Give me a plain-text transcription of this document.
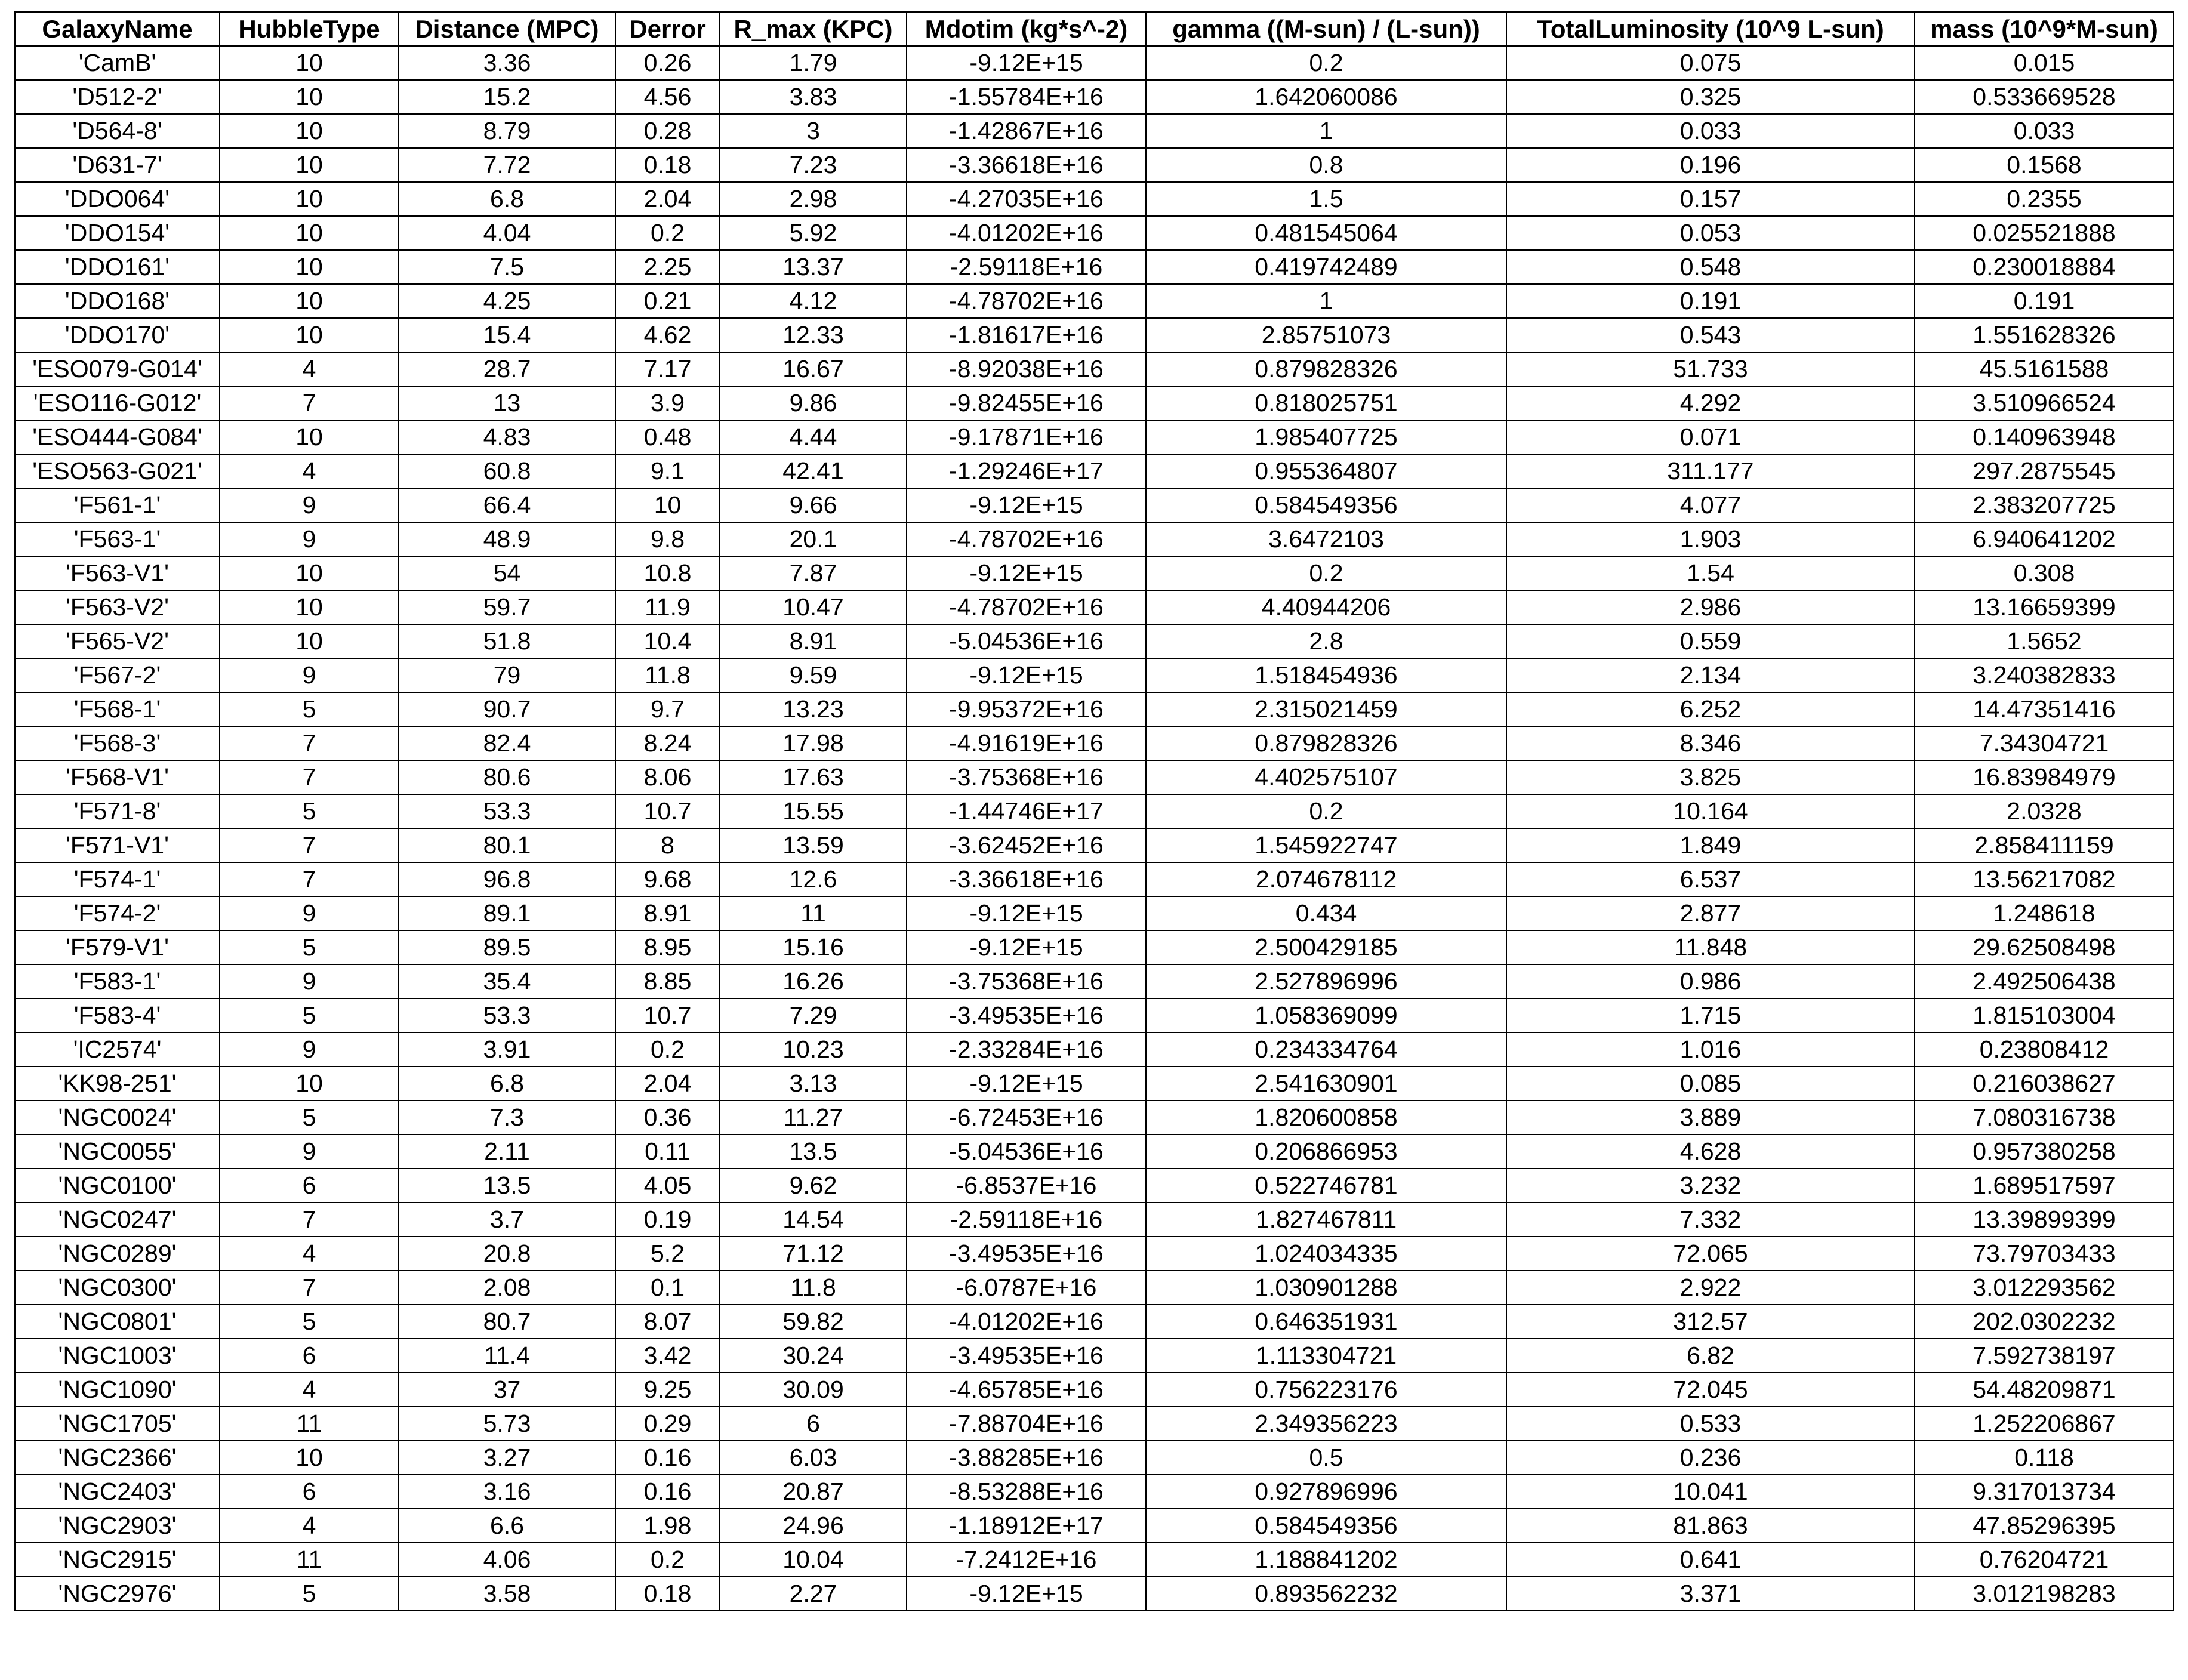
GalaxyName	HubbleType	Distance (MPC)	Derror	R_max (KPC)	Mdotim (kg*s^-2)	gamma ((M-sun) / (L-sun))	TotalLuminosity (10^9 L-sun)	mass (10^9*M-sun)
'CamB'	10	3.36	0.26	1.79	-9.12E+15	0.2	0.075	0.015
'D512-2'	10	15.2	4.56	3.83	-1.55784E+16	1.642060086	0.325	0.533669528
'D564-8'	10	8.79	0.28	3	-1.42867E+16	1	0.033	0.033
'D631-7'	10	7.72	0.18	7.23	-3.36618E+16	0.8	0.196	0.1568
'DDO064'	10	6.8	2.04	2.98	-4.27035E+16	1.5	0.157	0.2355
'DDO154'	10	4.04	0.2	5.92	-4.01202E+16	0.481545064	0.053	0.025521888
'DDO161'	10	7.5	2.25	13.37	-2.59118E+16	0.419742489	0.548	0.230018884
'DDO168'	10	4.25	0.21	4.12	-4.78702E+16	1	0.191	0.191
'DDO170'	10	15.4	4.62	12.33	-1.81617E+16	2.85751073	0.543	1.551628326
'ESO079-G014'	4	28.7	7.17	16.67	-8.92038E+16	0.879828326	51.733	45.5161588
'ESO116-G012'	7	13	3.9	9.86	-9.82455E+16	0.818025751	4.292	3.510966524
'ESO444-G084'	10	4.83	0.48	4.44	-9.17871E+16	1.985407725	0.071	0.140963948
'ESO563-G021'	4	60.8	9.1	42.41	-1.29246E+17	0.955364807	311.177	297.2875545
'F561-1'	9	66.4	10	9.66	-9.12E+15	0.584549356	4.077	2.383207725
'F563-1'	9	48.9	9.8	20.1	-4.78702E+16	3.6472103	1.903	6.940641202
'F563-V1'	10	54	10.8	7.87	-9.12E+15	0.2	1.54	0.308
'F563-V2'	10	59.7	11.9	10.47	-4.78702E+16	4.40944206	2.986	13.16659399
'F565-V2'	10	51.8	10.4	8.91	-5.04536E+16	2.8	0.559	1.5652
'F567-2'	9	79	11.8	9.59	-9.12E+15	1.518454936	2.134	3.240382833
'F568-1'	5	90.7	9.7	13.23	-9.95372E+16	2.315021459	6.252	14.47351416
'F568-3'	7	82.4	8.24	17.98	-4.91619E+16	0.879828326	8.346	7.34304721
'F568-V1'	7	80.6	8.06	17.63	-3.75368E+16	4.402575107	3.825	16.83984979
'F571-8'	5	53.3	10.7	15.55	-1.44746E+17	0.2	10.164	2.0328
'F571-V1'	7	80.1	8	13.59	-3.62452E+16	1.545922747	1.849	2.858411159
'F574-1'	7	96.8	9.68	12.6	-3.36618E+16	2.074678112	6.537	13.56217082
'F574-2'	9	89.1	8.91	11	-9.12E+15	0.434	2.877	1.248618
'F579-V1'	5	89.5	8.95	15.16	-9.12E+15	2.500429185	11.848	29.62508498
'F583-1'	9	35.4	8.85	16.26	-3.75368E+16	2.527896996	0.986	2.492506438
'F583-4'	5	53.3	10.7	7.29	-3.49535E+16	1.058369099	1.715	1.815103004
'IC2574'	9	3.91	0.2	10.23	-2.33284E+16	0.234334764	1.016	0.23808412
'KK98-251'	10	6.8	2.04	3.13	-9.12E+15	2.541630901	0.085	0.216038627
'NGC0024'	5	7.3	0.36	11.27	-6.72453E+16	1.820600858	3.889	7.080316738
'NGC0055'	9	2.11	0.11	13.5	-5.04536E+16	0.206866953	4.628	0.957380258
'NGC0100'	6	13.5	4.05	9.62	-6.8537E+16	0.522746781	3.232	1.689517597
'NGC0247'	7	3.7	0.19	14.54	-2.59118E+16	1.827467811	7.332	13.39899399
'NGC0289'	4	20.8	5.2	71.12	-3.49535E+16	1.024034335	72.065	73.79703433
'NGC0300'	7	2.08	0.1	11.8	-6.0787E+16	1.030901288	2.922	3.012293562
'NGC0801'	5	80.7	8.07	59.82	-4.01202E+16	0.646351931	312.57	202.0302232
'NGC1003'	6	11.4	3.42	30.24	-3.49535E+16	1.113304721	6.82	7.592738197
'NGC1090'	4	37	9.25	30.09	-4.65785E+16	0.756223176	72.045	54.48209871
'NGC1705'	11	5.73	0.29	6	-7.88704E+16	2.349356223	0.533	1.252206867
'NGC2366'	10	3.27	0.16	6.03	-3.88285E+16	0.5	0.236	0.118
'NGC2403'	6	3.16	0.16	20.87	-8.53288E+16	0.927896996	10.041	9.317013734
'NGC2903'	4	6.6	1.98	24.96	-1.18912E+17	0.584549356	81.863	47.85296395
'NGC2915'	11	4.06	0.2	10.04	-7.2412E+16	1.188841202	0.641	0.76204721
'NGC2976'	5	3.58	0.18	2.27	-9.12E+15	0.893562232	3.371	3.012198283
